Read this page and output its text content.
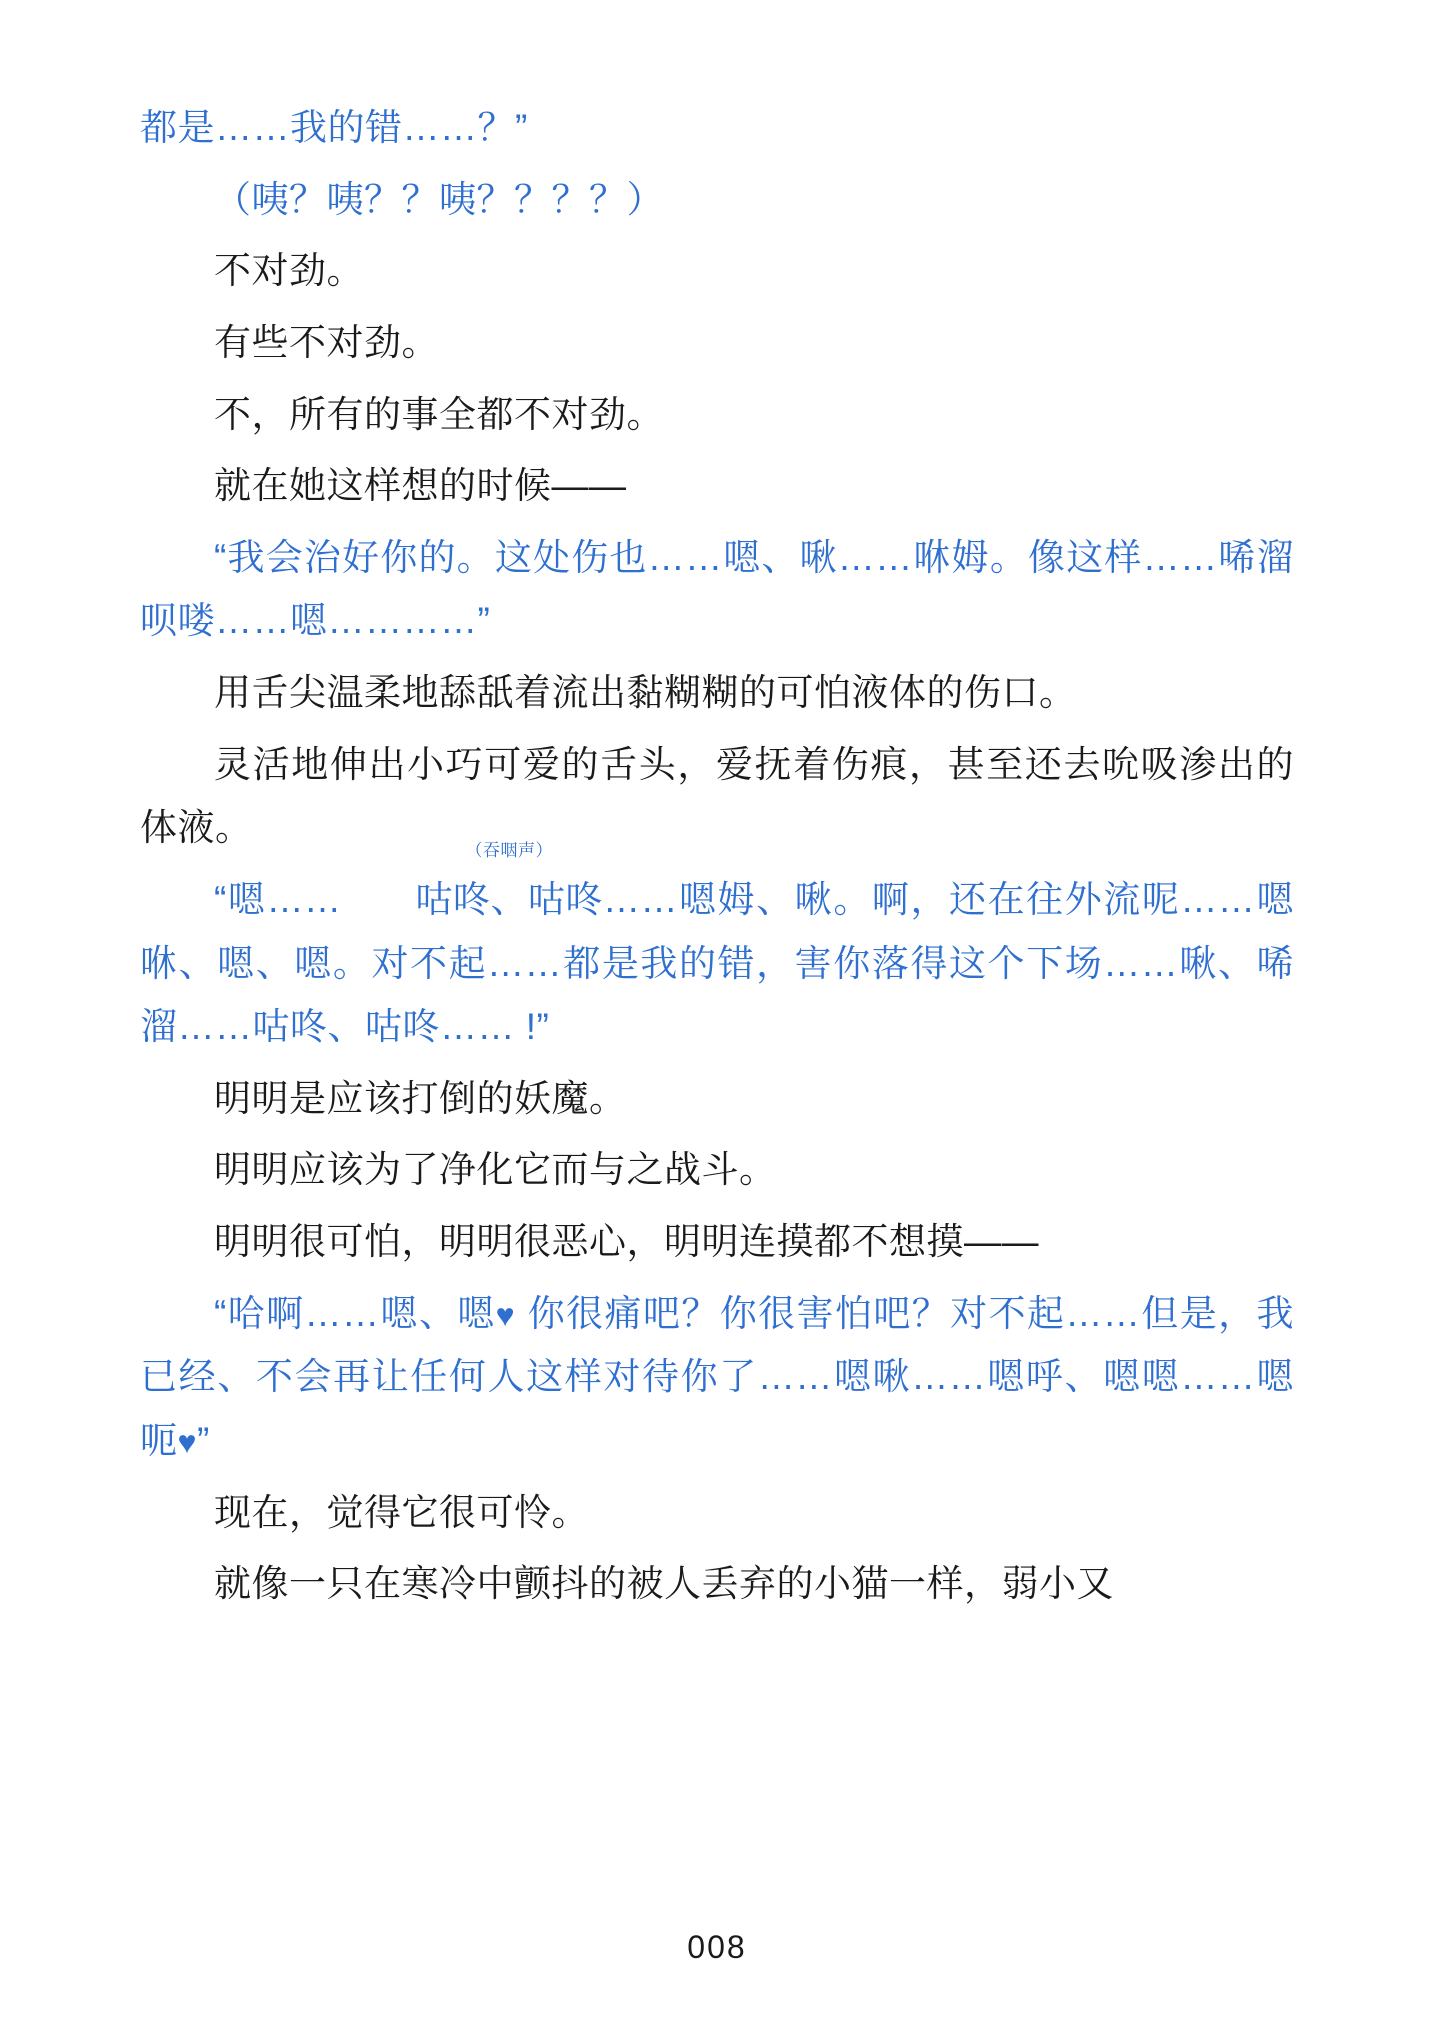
都是……我的错……？”

（咦？咦？？咦？？？？）

不对劲。

有些不对劲。

不，所有的事全都不对劲。

就在她这样想的时候——

“我会治好你的。这处伤也……嗯、啾……咻姆。像这样……唏溜呗喽……嗯…………”

用舌尖温柔地舔舐着流出黏糊糊的可怕液体的伤口。

灵活地伸出小巧可爱的舌头，爱抚着伤痕，甚至还去吮吸渗出的体液。

“嗯……
（吞咽声）
咕咚、咕咚……嗯姆、啾。啊，还在往外流呢……嗯咻、嗯、嗯。对不起……都是我的错，害你落得这个下场……啾、唏溜……咕咚、咕咚…… !”

明明是应该打倒的妖魔。

明明应该为了净化它而与之战斗。

明明很可怕，明明很恶心，明明连摸都不想摸——

“哈啊……嗯、嗯♥ 你很痛吧？你很害怕吧？对不起……但是，我已经、不会再让任何人这样对待你了……嗯啾……嗯呼、嗯嗯……嗯呃♥”

现在，觉得它很可怜。

就像一只在寒冷中颤抖的被人丢弃的小猫一样，弱小又

008
